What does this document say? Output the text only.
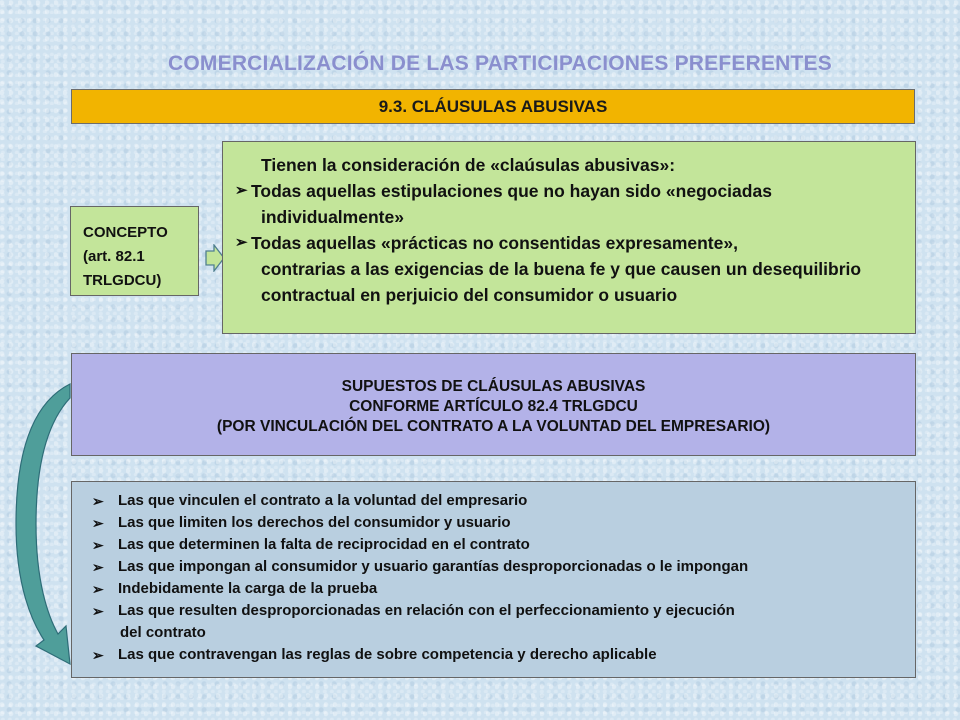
COMERCIALIZACIÓN DE LAS PARTICIPACIONES PREFERENTES
9.3. CLÁUSULAS ABUSIVAS
CONCEPTO
(art. 82.1
TRLGDCU)
Tienen la consideración de «claúsulas abusivas»:
➢ Todas aquellas estipulaciones que no hayan sido «negociadas
individualmente»
➢ Todas aquellas «prácticas no consentidas expresamente»,
contrarias a las exigencias de la buena fe y que causen un desequilibrio contractual en perjuicio del consumidor o usuario
SUPUESTOS DE CLÁUSULAS ABUSIVAS
CONFORME ARTÍCULO 82.4 TRLGDCU
(POR VINCULACIÓN DEL CONTRATO A LA VOLUNTAD DEL EMPRESARIO)
➢ Las que vinculen el contrato a la voluntad del empresario
➢ Las que limiten los derechos del consumidor y usuario
➢ Las que determinen la falta de reciprocidad en el contrato
➢ Las que impongan al consumidor y usuario garantías desproporcionadas o le impongan
➢ Indebidamente la carga de la prueba
➢ Las que resulten desproporcionadas en relación con el perfeccionamiento y ejecución
del contrato
➢ Las que contravengan las reglas de sobre competencia y derecho aplicable
